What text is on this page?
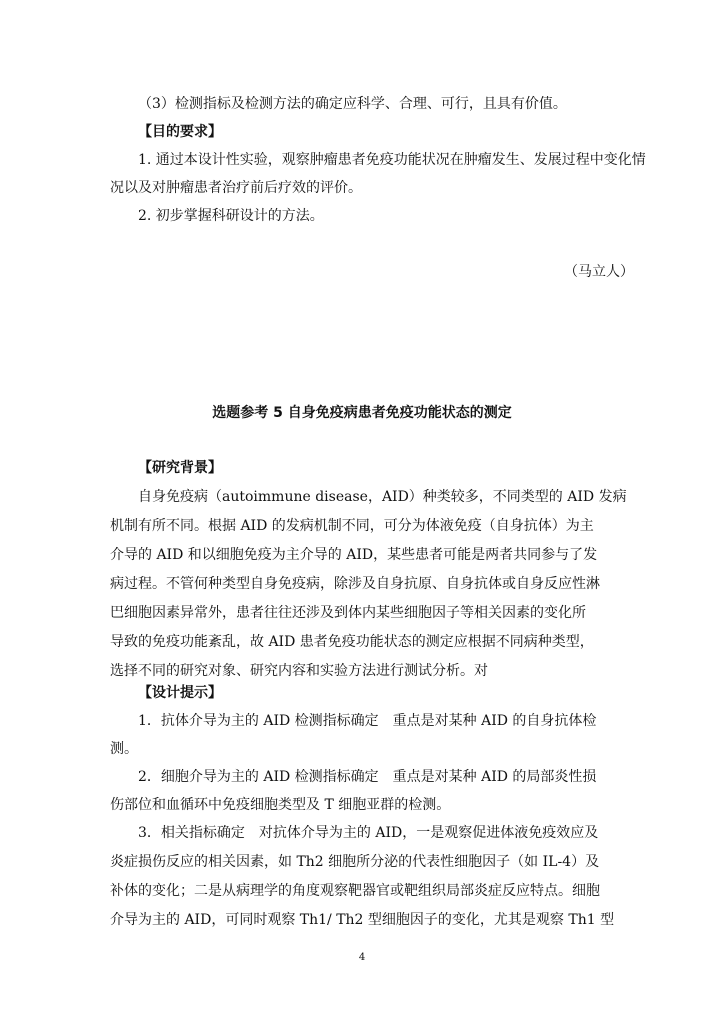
（3）检测指标及检测方法的确定应科学、合理、可行，且具有价值。
【目的要求】
1. 通过本设计性实验，观察肿瘤患者免疫功能状况在肿瘤发生、发展过程中变化情
况以及对肿瘤患者治疗前后疗效的评价。
2. 初步掌握科研设计的方法。
（马立人）
选题参考 5 自身免疫病患者免疫功能状态的测定
【研究背景】
自身免疫病（autoimmune disease，AID）种类较多，不同类型的 AID 发病
机制有所不同。根据 AID 的发病机制不同，可分为体液免疫（自身抗体）为主
介导的 AID 和以细胞免疫为主介导的 AID，某些患者可能是两者共同参与了发
病过程。不管何种类型自身免疫病，除涉及自身抗原、自身抗体或自身反应性淋
巴细胞因素异常外，患者往往还涉及到体内某些细胞因子等相关因素的变化所
导致的免疫功能紊乱，故 AID 患者免疫功能状态的测定应根据不同病种类型，
选择不同的研究对象、研究内容和实验方法进行测试分析。对
【设计提示】
1．抗体介导为主的 AID 检测指标确定　重点是对某种 AID 的自身抗体检
测。
2．细胞介导为主的 AID 检测指标确定　重点是对某种 AID 的局部炎性损
伤部位和血循环中免疫细胞类型及 T 细胞亚群的检测。
3．相关指标确定　对抗体介导为主的 AID，一是观察促进体液免疫效应及
炎症损伤反应的相关因素，如 Th2 细胞所分泌的代表性细胞因子（如 IL-4）及
补体的变化；二是从病理学的角度观察靶器官或靶组织局部炎症反应特点。细胞
介导为主的 AID，可同时观察 Th1/ Th2 型细胞因子的变化，尤其是观察 Th1 型
4
